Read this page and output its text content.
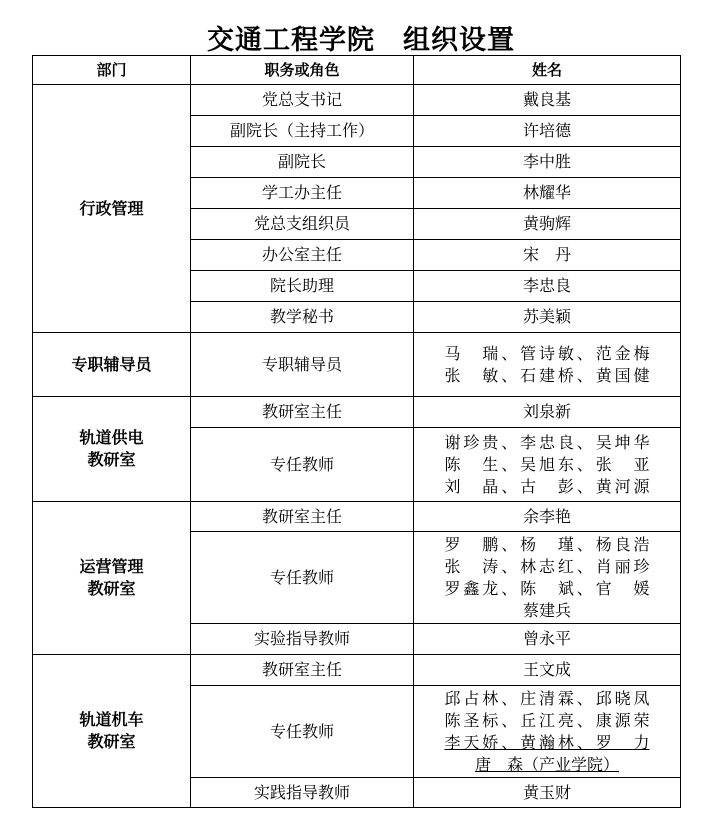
交通工程学院　组织设置
部门	职务或角色	姓名
行政管理	党总支书记	戴良基
	副院长（主持工作）	许培德
	副院长	李中胜
	学工办主任	林耀华
	党总支组织员	黄驹辉
	办公室主任	宋　丹
	院长助理	李忠良
	教学秘书	苏美颖
专职辅导员	专职辅导员	马　瑞、管诗敏、范金梅
张　敏、石建桥、黄国健

轨道供电
教研室	教研室主任	刘泉新
	专任教师	谢珍贵、李忠良、吴坤华
陈　生、吴旭东、张　亚
刘　晶、古　彭、黄河源

运营管理
教研室	教研室主任	余李艳
	专任教师	罗　鹏、杨　瑾、杨良浩
张　涛、林志红、肖丽珍
罗鑫龙、陈　斌、官　媛
蔡建兵

	实验指导教师	曾永平

轨道机车
教研室	教研室主任	王文成
	专任教师	邱占林、庄清霖、邱晓凤
陈圣标、丘江亮、康源荣
李天娇、黄瀚林、罗　力
唐　森（产业学院）

	实践指导教师	黄玉财
